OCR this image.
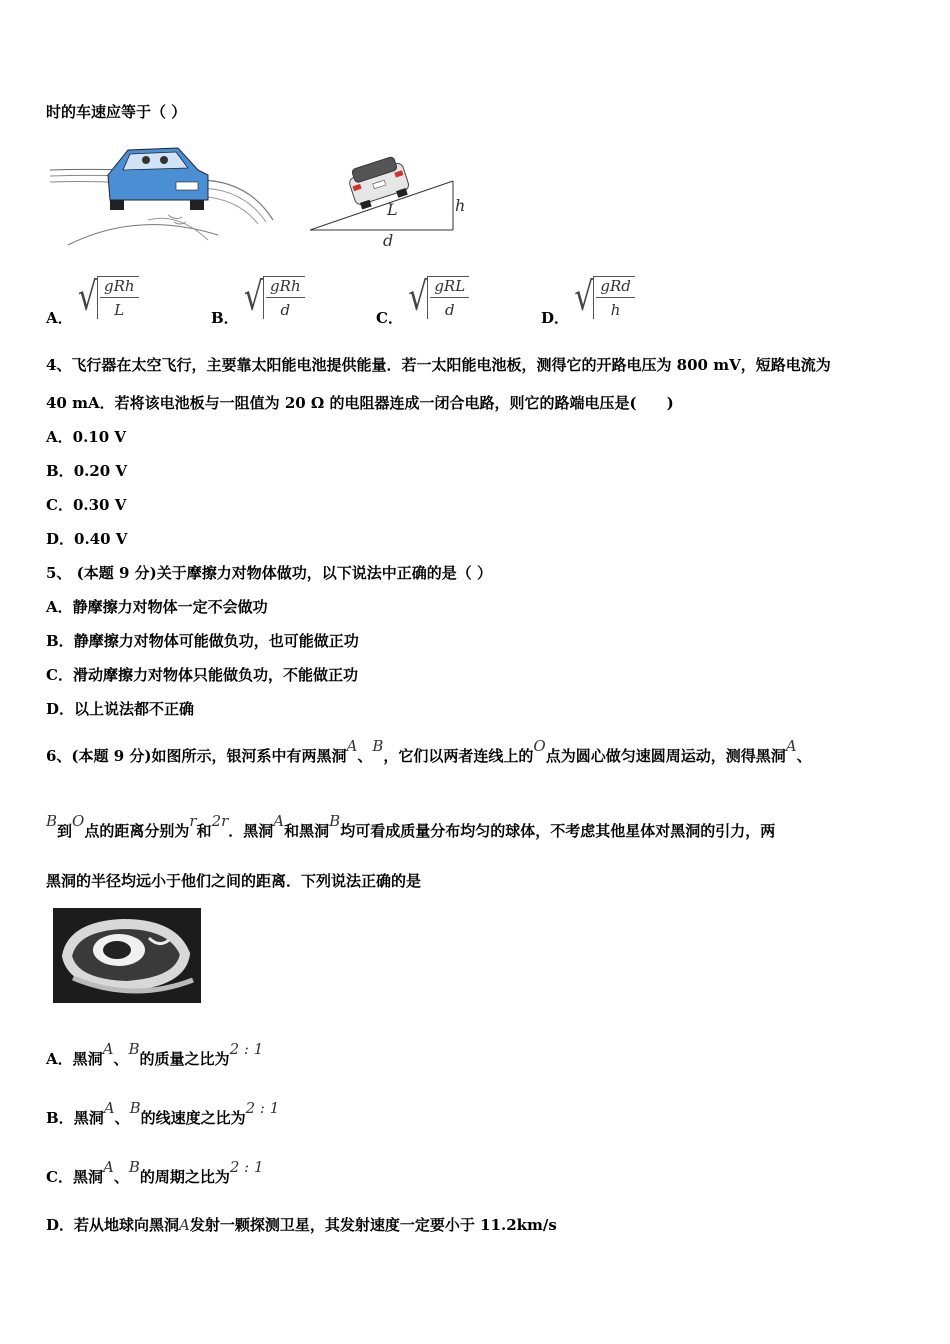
时的车速应等于（ ）
L	h
d
A． √ $\frac{\text{gRh}}{L}$	B． √ $\frac{\text{gRh}}{d}$	C． √ $\frac{\text{gRL}}{d}$	D． √ $\frac{\text{gRd}}{h}$
4、飞行器在太空飞行，主要靠太阳能电池提供能量．若一太阳能电池板，测得它的开路电压为 800 mV，短路电流为
40 mA．若将该电池板与一阻值为 20 Ω 的电阻器连成一闭合电路，则它的路端电压是(　　)
A．0.10 V
B．0.20 V
C．0.30 V
D．0.40 V
5、 (本题 9 分)关于摩擦力对物体做功，以下说法中正确的是（ ）
A．静摩擦力对物体一定不会做功
B．静摩擦力对物体可能做负功，也可能做正功
C．滑动摩擦力对物体只能做负功，不能做正功
D．以上说法都不正确
6、(本题 9 分)如图所示，银河系中有两黑洞A、B，它们以两者连线上的O点为圆心做匀速圆周运动，测得黑洞A、
B到O点的距离分别为r和2r．黑洞A和黑洞B均可看成质量分布均匀的球体，不考虑其他星体对黑洞的引力，两
黑洞的半径均远小于他们之间的距离．下列说法正确的是
A．黑洞A、B的质量之比为2 : 1
B．黑洞A、B的线速度之比为2 : 1
C．黑洞A、B的周期之比为2 : 1
D．若从地球向黑洞A发射一颗探测卫星，其发射速度一定要小于 11.2km/s
